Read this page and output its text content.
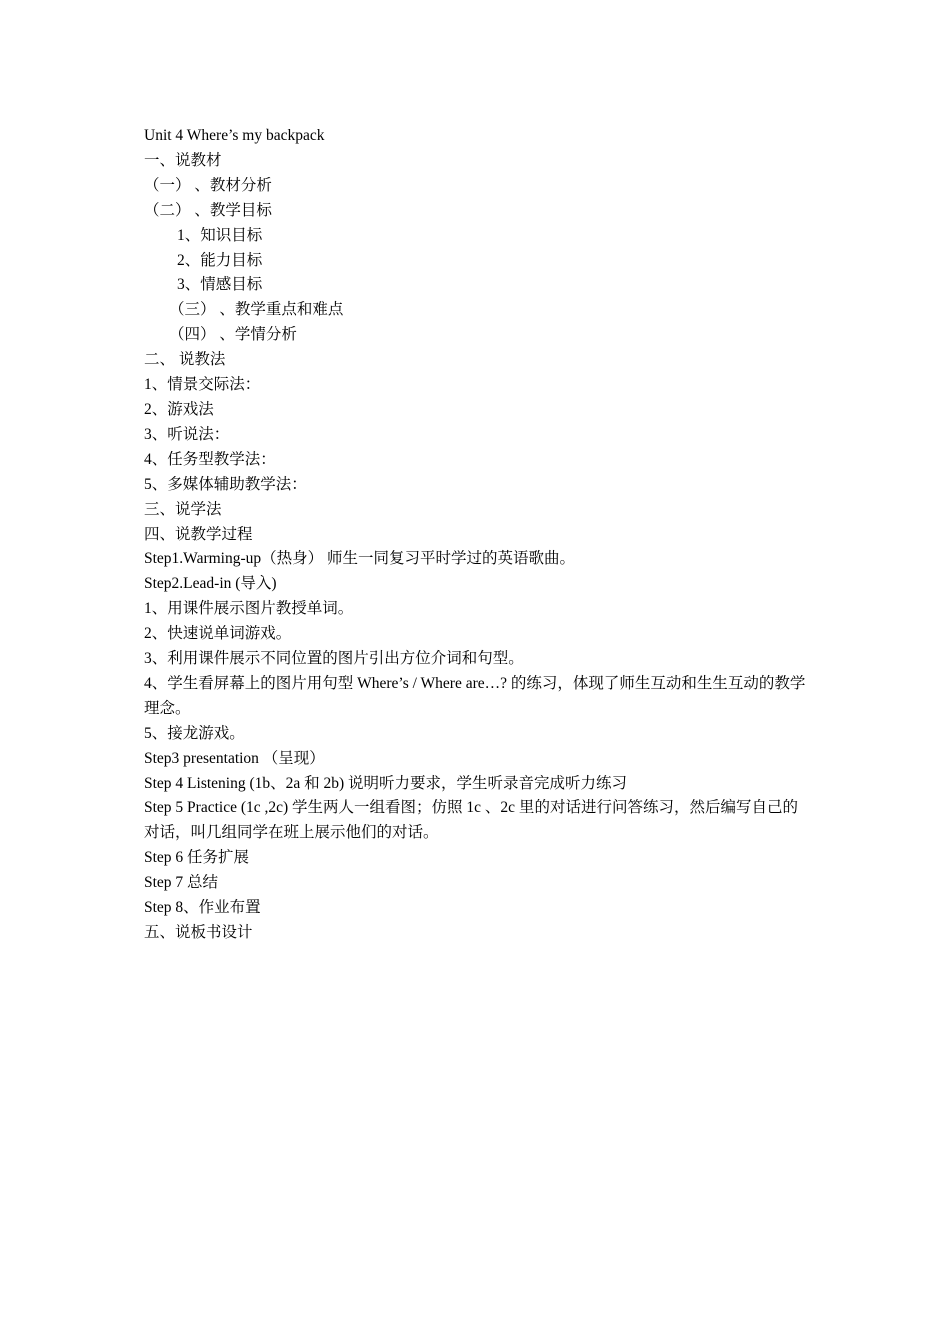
Unit 4 Where’s my backpack
一、说教材
（一） 、教材分析
（二） 、教学目标
1、知识目标
2、能力目标
3、情感目标
（三） 、教学重点和难点
（四） 、学情分析
二、 说教法
1、情景交际法：
2、游戏法
3、听说法：
4、任务型教学法：
5、多媒体辅助教学法：
三、说学法
四、说教学过程
Step1.Warming-up（热身） 师生一同复习平时学过的英语歌曲。
Step2.Lead-in (导入)
1、用课件展示图片教授单词。
2、快速说单词游戏。
3、利用课件展示不同位置的图片引出方位介词和句型。
4、学生看屏幕上的图片用句型 Where’s / Where are…? 的练习，体现了师生互动和生生互动的教学理念。
5、接龙游戏。
Step3 presentation （呈现）
Step 4 Listening (1b、2a 和 2b) 说明听力要求，学生听录音完成听力练习
Step 5 Practice (1c ,2c) 学生两人一组看图；仿照 1c 、2c 里的对话进行问答练习，然后编写自己的对话，叫几组同学在班上展示他们的对话。
Step 6 任务扩展
Step 7 总结
Step 8、作业布置
五、说板书设计
